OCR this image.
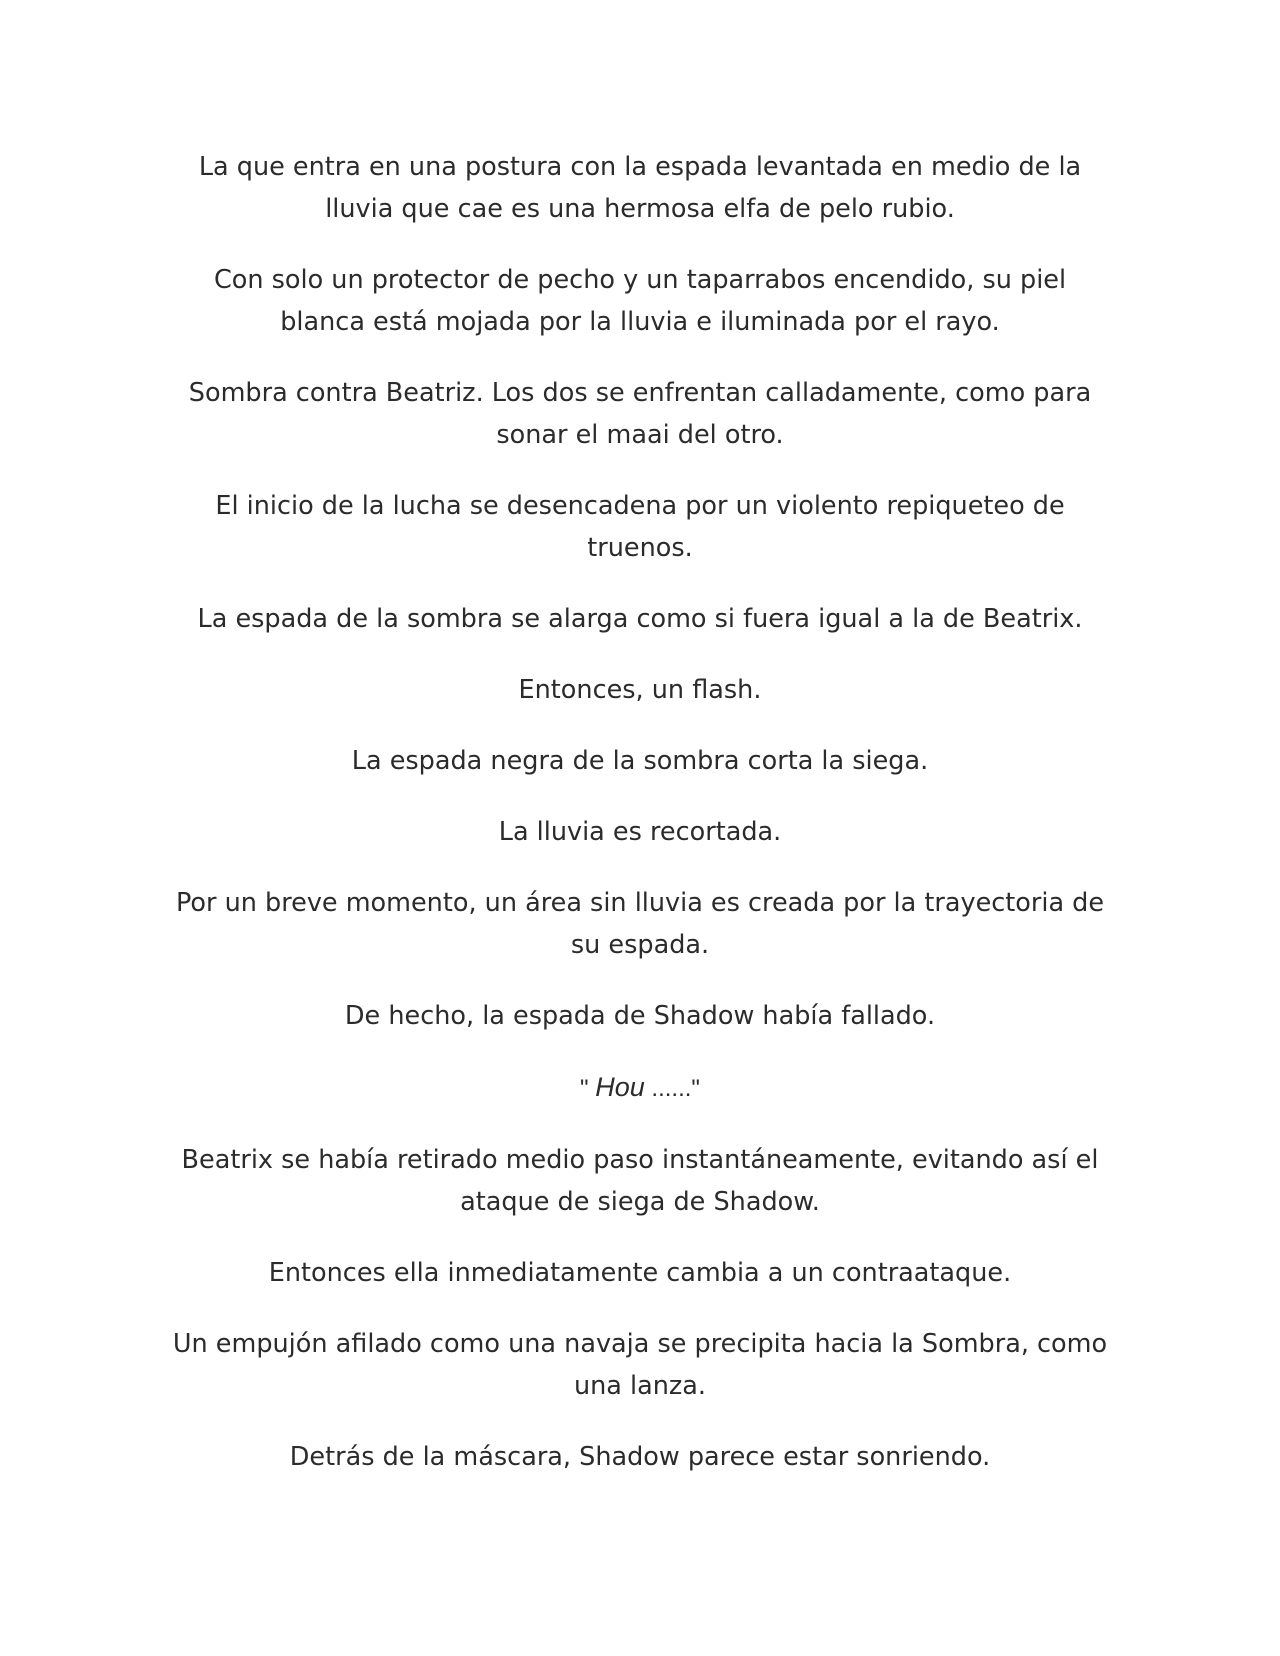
La que entra en una postura con la espada levantada en medio de la lluvia que cae es una hermosa elfa de pelo rubio.

Con solo un protector de pecho y un taparrabos encendido, su piel blanca está mojada por la lluvia e iluminada por el rayo.

Sombra contra Beatriz. Los dos se enfrentan calladamente, como para sonar el maai del otro.

El inicio de la lucha se desencadena por un violento repiqueteo de truenos.

La espada de la sombra se alarga como si fuera igual a la de Beatrix.

Entonces, un flash.

La espada negra de la sombra corta la siega.

La lluvia es recortada.

Por un breve momento, un área sin lluvia es creada por la trayectoria de su espada.

De hecho, la espada de Shadow había fallado.

" Hou ......"

Beatrix se había retirado medio paso instantáneamente, evitando así el ataque de siega de Shadow.

Entonces ella inmediatamente cambia a un contraataque.

Un empujón afilado como una navaja se precipita hacia la Sombra, como una lanza.

Detrás de la máscara, Shadow parece estar sonriendo.
